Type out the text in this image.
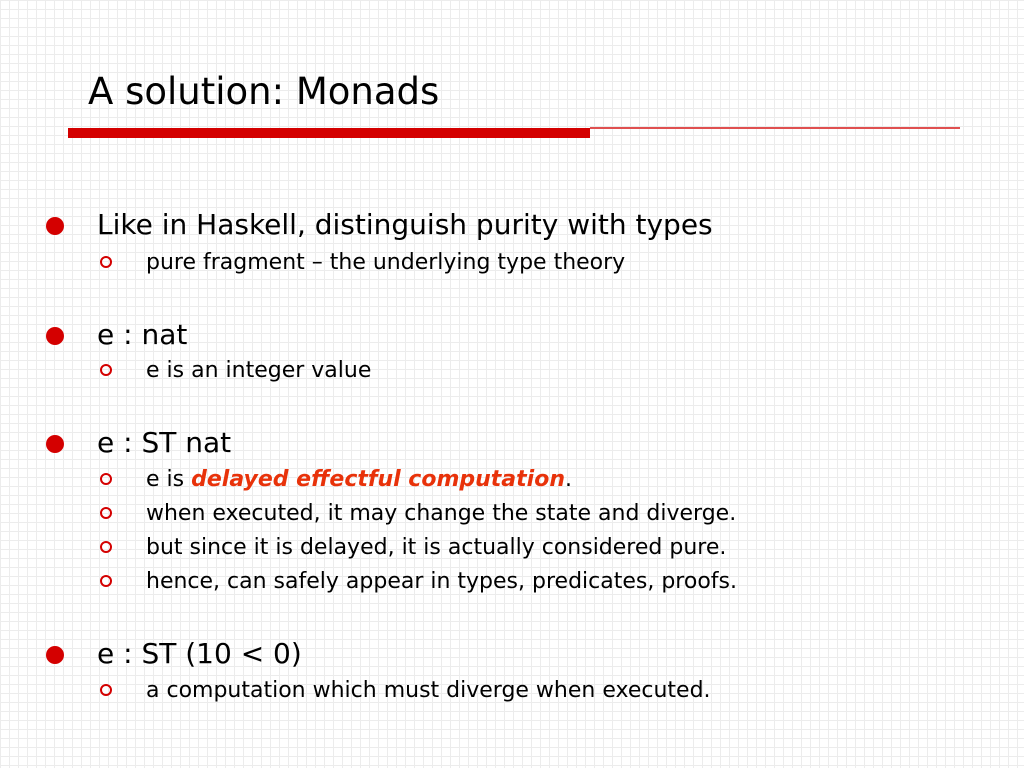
A solution: Monads
Like in Haskell, distinguish purity with types
pure fragment – the underlying type theory
e : nat
e is an integer value
e : ST nat
e is delayed effectful computation.
when executed, it may change the state and diverge.
but since it is delayed, it is actually considered pure.
hence, can safely appear in types, predicates, proofs.
e : ST (10 < 0)
a computation which must diverge when executed.
